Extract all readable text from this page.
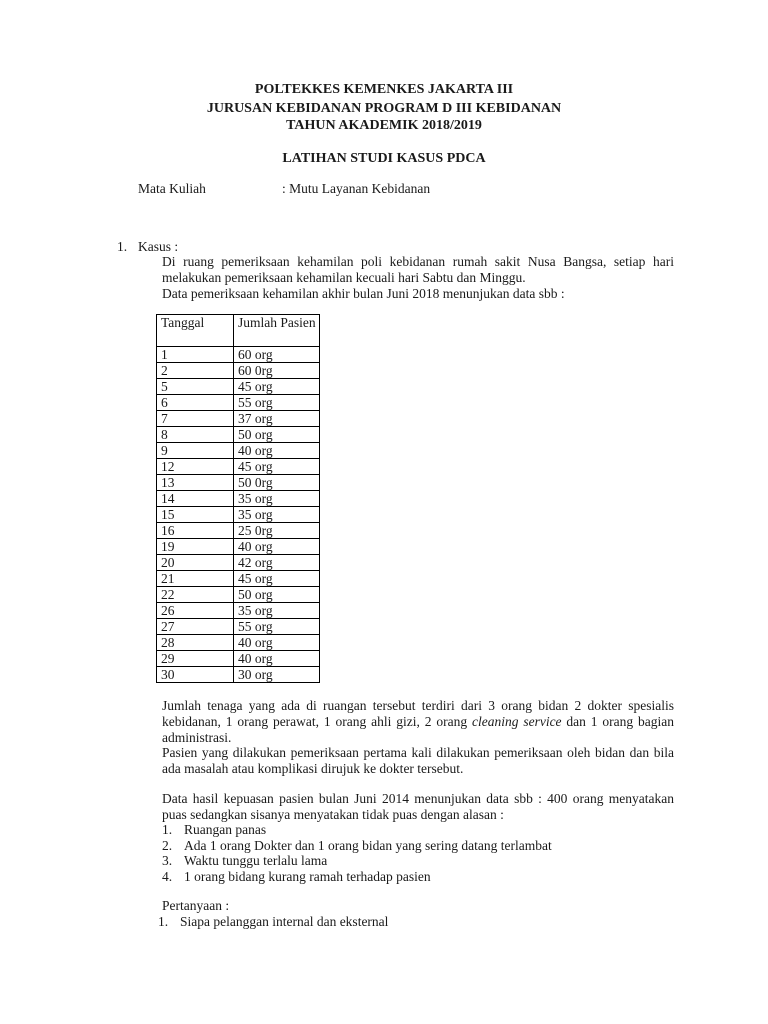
POLTEKKES KEMENKES JAKARTA III
JURUSAN KEBIDANAN PROGRAM D III KEBIDANAN
TAHUN AKADEMIK 2018/2019
LATIHAN STUDI KASUS PDCA
Mata Kuliah	: Mutu Layanan Kebidanan
1. Kasus :
Di ruang pemeriksaan kehamilan poli kebidanan rumah sakit Nusa Bangsa, setiap hari melakukan pemeriksaan kehamilan kecuali hari Sabtu dan Minggu.
Data pemeriksaan kehamilan akhir bulan Juni 2018 menunjukan data sbb :
Tanggal	Jumlah Pasien
1	60 org
2	60 0rg
5	45 org
6	55 org
7	37 org
8	50 org
9	40 org
12	45 org
13	50 0rg
14	35 org
15	35 org
16	25 0rg
19	40 org
20	42 org
21	45 org
22	50 org
26	35 org
27	55 org
28	40 org
29	40 org
30	30 org
Jumlah tenaga yang ada di ruangan tersebut terdiri dari 3 orang bidan 2 dokter spesialis kebidanan, 1 orang perawat, 1 orang ahli gizi, 2 orang cleaning service dan 1 orang bagian administrasi.
Pasien yang dilakukan pemeriksaan pertama kali dilakukan pemeriksaan oleh bidan dan bila ada masalah atau komplikasi dirujuk ke dokter tersebut.
Data hasil kepuasan pasien bulan Juni 2014 menunjukan data sbb : 400 orang menyatakan puas sedangkan sisanya menyatakan tidak puas dengan alasan :
1. Ruangan panas
2. Ada 1 orang Dokter dan 1 orang bidan yang sering datang terlambat
3. Waktu tunggu terlalu lama
4. 1 orang bidang kurang ramah terhadap pasien
Pertanyaan :
1. Siapa pelanggan internal dan eksternal
